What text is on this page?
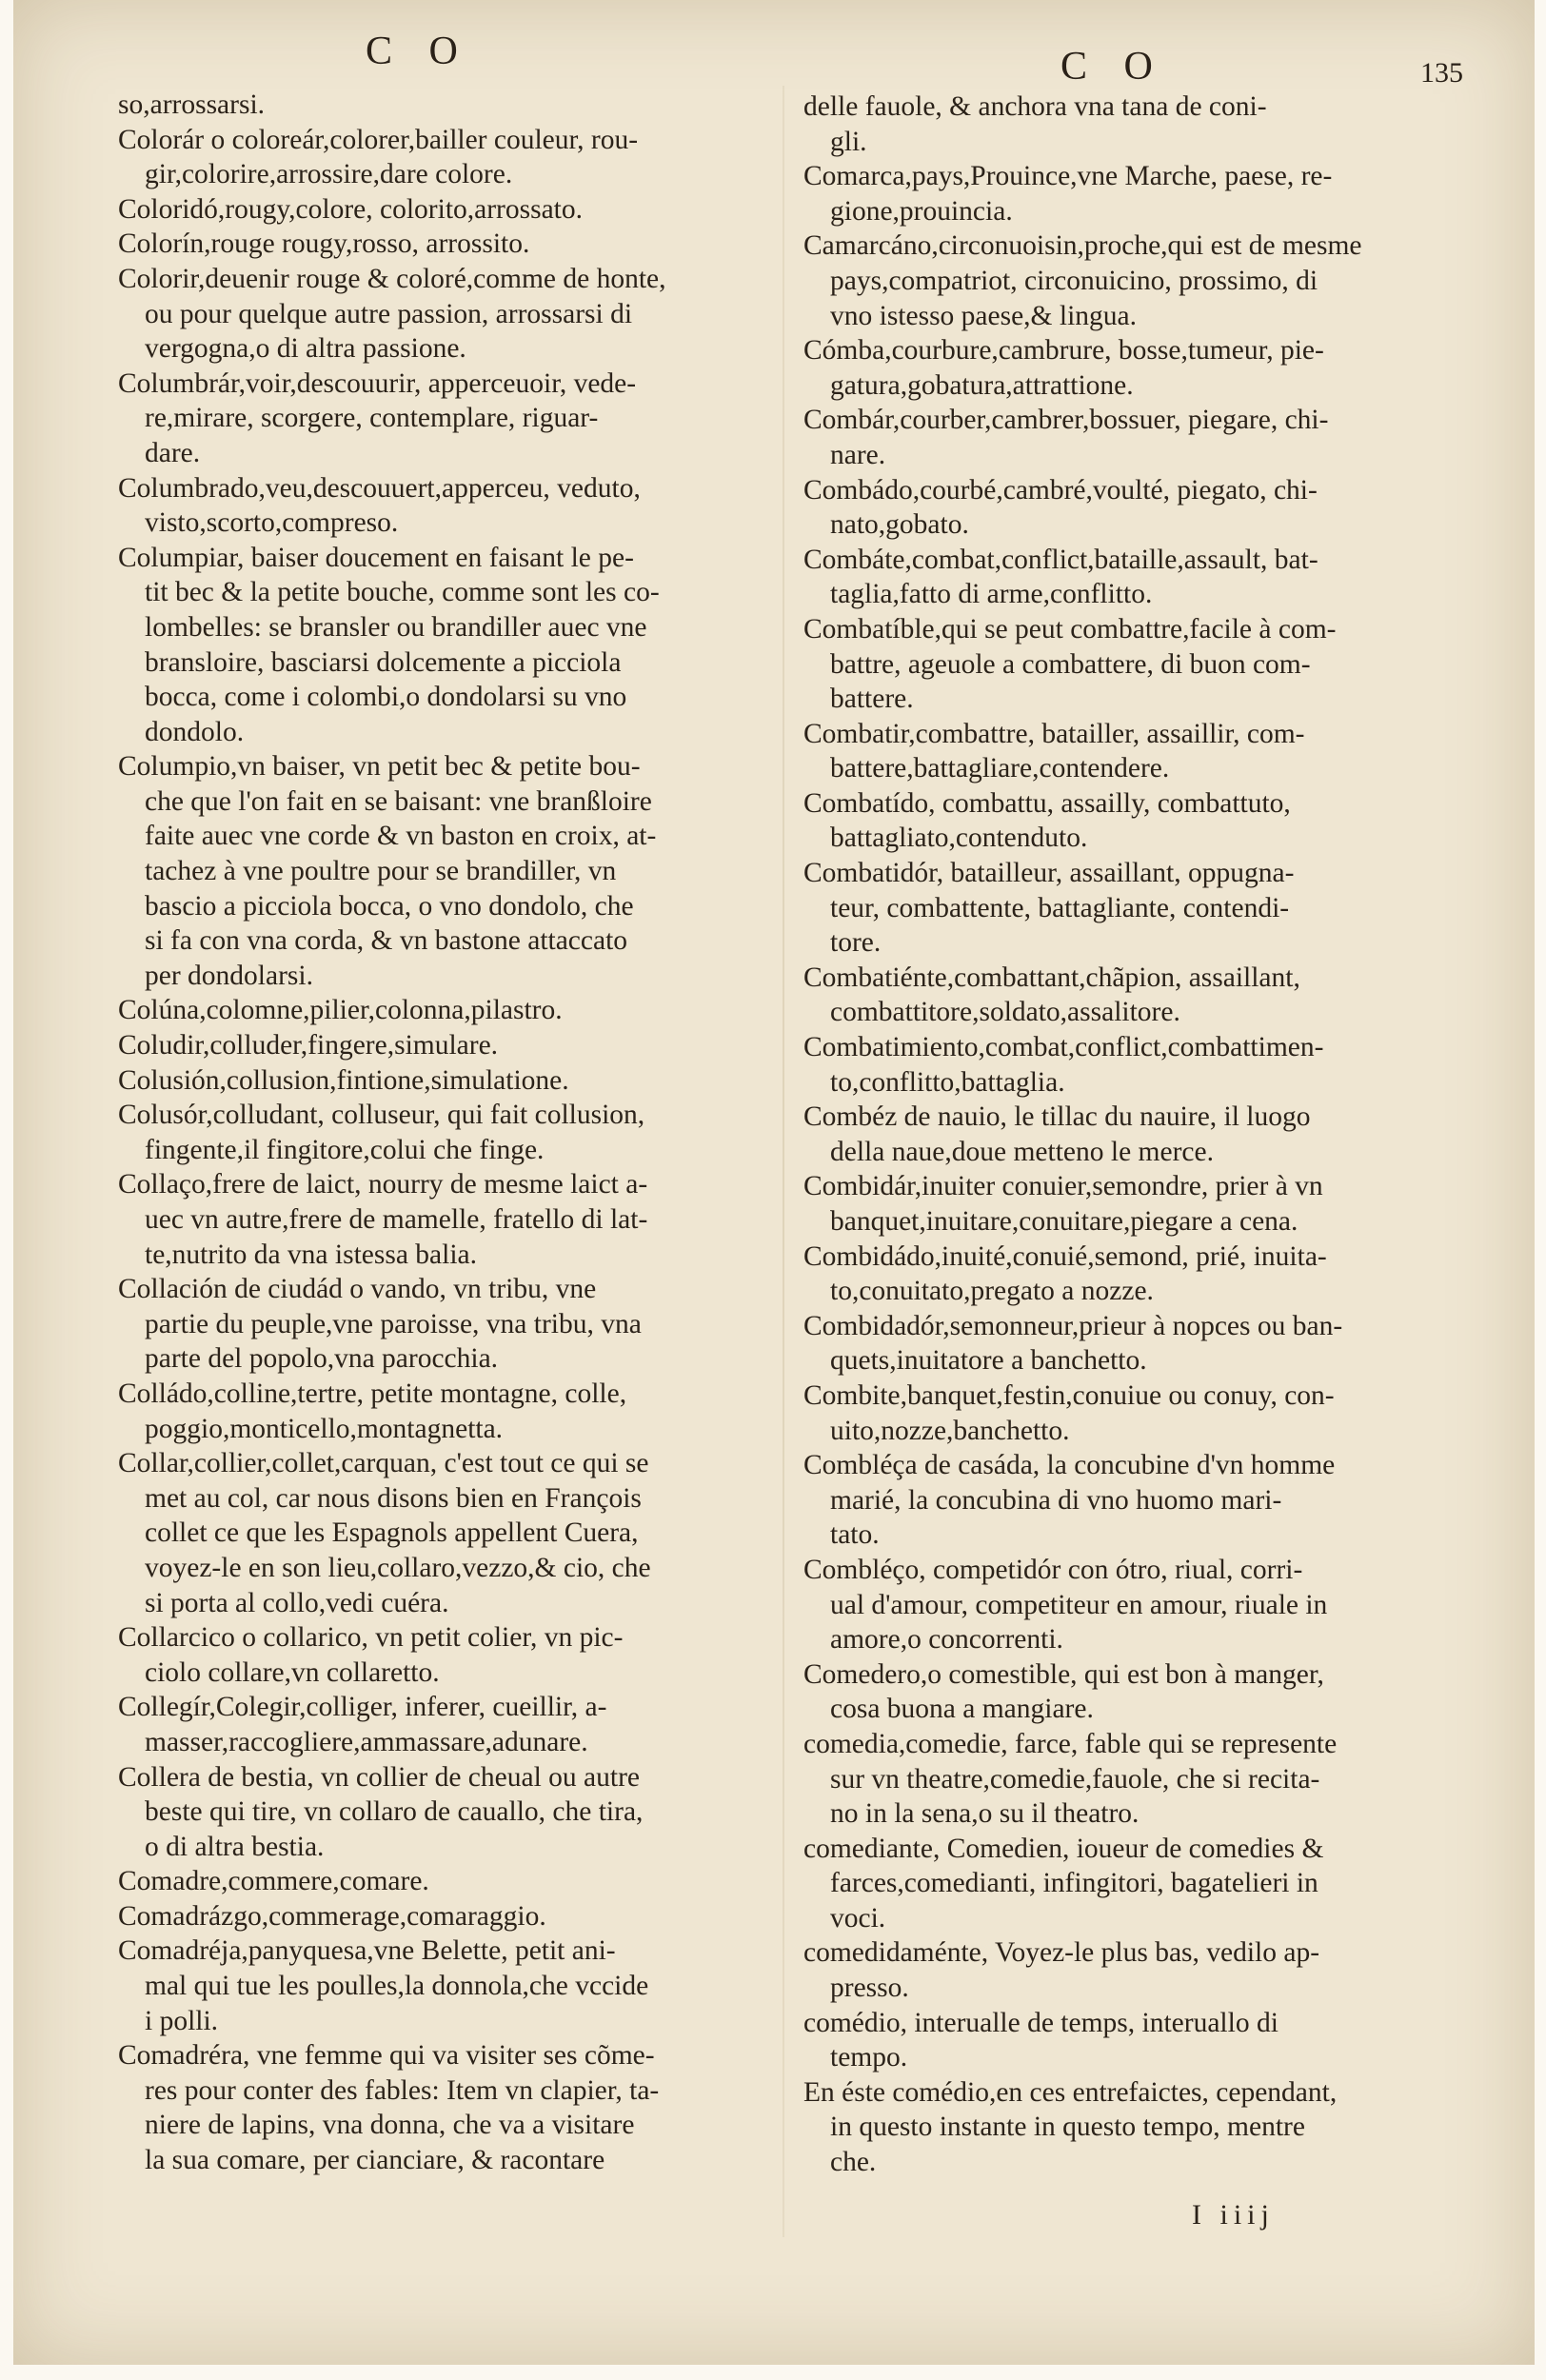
C O	C O	135
so,arrossarsi.
Colorár o coloreár,colorer,bailler couleur, rou-
gir,colorire,arrossire,dare colore.
Coloridó,rougy,colore, colorito,arrossato.
Colorín,rouge rougy,rosso, arrossito.
Colorir,deuenir rouge & coloré,comme de honte,
ou pour quelque autre passion, arrossarsi di
vergogna,o di altra passione.
Columbrár,voir,descouurir, apperceuoir, vede-
re,mirare, scorgere, contemplare, riguar-
dare.
Columbrado,veu,descouuert,apperceu, veduto,
visto,scorto,compreso.
Columpiar, baiser doucement en faisant le pe-
tit bec & la petite bouche, comme sont les co-
lombelles: se bransler ou brandiller auec vne
bransloire, basciarsi dolcemente a picciola
bocca, come i colombi,o dondolarsi su vno
dondolo.
Columpio,vn baiser, vn petit bec & petite bou-
che que l'on fait en se baisant: vne branßloire
faite auec vne corde & vn baston en croix, at-
tachez à vne poultre pour se brandiller, vn
bascio a picciola bocca, o vno dondolo, che
si fa con vna corda, & vn bastone attaccato
per dondolarsi.
Colúna,colomne,pilier,colonna,pilastro.
Coludir,colluder,fingere,simulare.
Colusión,collusion,fintione,simulatione.
Colusór,colludant, colluseur, qui fait collusion,
fingente,il fingitore,colui che finge.
Collaço,frere de laict, nourry de mesme laict a-
uec vn autre,frere de mamelle, fratello di lat-
te,nutrito da vna istessa balia.
Collación de ciudád o vando, vn tribu, vne
partie du peuple,vne paroisse, vna tribu, vna
parte del popolo,vna parocchia.
Colládo,colline,tertre, petite montagne, colle,
poggio,monticello,montagnetta.
Collar,collier,collet,carquan, c'est tout ce qui se
met au col, car nous disons bien en François
collet ce que les Espagnols appellent Cuera,
voyez-le en son lieu,collaro,vezzo,& cio, che
si porta al collo,vedi cuéra.
Collarcico o collarico, vn petit colier, vn pic-
ciolo collare,vn collaretto.
Collegír,Colegir,colliger, inferer, cueillir, a-
masser,raccogliere,ammassare,adunare.
Collera de bestia, vn collier de cheual ou autre
beste qui tire, vn collaro de cauallo, che tira,
o di altra bestia.
Comadre,commere,comare.
Comadrázgo,commerage,comaraggio.
Comadréja,panyquesa,vne Belette, petit ani-
mal qui tue les poulles,la donnola,che vccide
i polli.
Comadréra, vne femme qui va visiter ses cõme-
res pour conter des fables: Item vn clapier, ta-
niere de lapins, vna donna, che va a visitare
la sua comare, per cianciare, & racontare
delle fauole, & anchora vna tana de coni-
gli.
Comarca,pays,Prouince,vne Marche, paese, re-
gione,prouincia.
Camarcáno,circonuoisin,proche,qui est de mesme
pays,compatriot, circonuicino, prossimo, di
vno istesso paese,& lingua.
Cómba,courbure,cambrure, bosse,tumeur, pie-
gatura,gobatura,attrattione.
Combár,courber,cambrer,bossuer, piegare, chi-
nare.
Combádo,courbé,cambré,voulté, piegato, chi-
nato,gobato.
Combáte,combat,conflict,bataille,assault, bat-
taglia,fatto di arme,conflitto.
Combatíble,qui se peut combattre,facile à com-
battre, ageuole a combattere, di buon com-
battere.
Combatir,combattre, batailler, assaillir, com-
battere,battagliare,contendere.
Combatído, combattu, assailly, combattuto,
battagliato,contenduto.
Combatidór, batailleur, assaillant, oppugna-
teur, combattente, battagliante, contendi-
tore.
Combatiénte,combattant,chãpion, assaillant,
combattitore,soldato,assalitore.
Combatimiento,combat,conflict,combattimen-
to,conflitto,battaglia.
Combéz de nauio, le tillac du nauire, il luogo
della naue,doue metteno le merce.
Combidár,inuiter conuier,semondre, prier à vn
banquet,inuitare,conuitare,piegare a cena.
Combidádo,inuité,conuié,semond, prié, inuita-
to,conuitato,pregato a nozze.
Combidadór,semonneur,prieur à nopces ou ban-
quets,inuitatore a banchetto.
Combite,banquet,festin,conuiue ou conuy, con-
uito,nozze,banchetto.
Combléça de casáda, la concubine d'vn homme
marié, la concubina di vno huomo mari-
tato.
Combléço, competidór con ótro, riual, corri-
ual d'amour, competiteur en amour, riuale in
amore,o concorrenti.
Comedero,o comestible, qui est bon à manger,
cosa buona a mangiare.
comedia,comedie, farce, fable qui se represente
sur vn theatre,comedie,fauole, che si recita-
no in la sena,o su il theatro.
comediante, Comedien, ioueur de comedies &
farces,comedianti, infingitori, bagatelieri in
voci.
comedidaménte, Voyez-le plus bas, vedilo ap-
presso.
comédio, interualle de temps, interuallo di
tempo.
En éste comédio,en ces entrefaictes, cependant,
in questo instante in questo tempo, mentre
che.
I iiij
